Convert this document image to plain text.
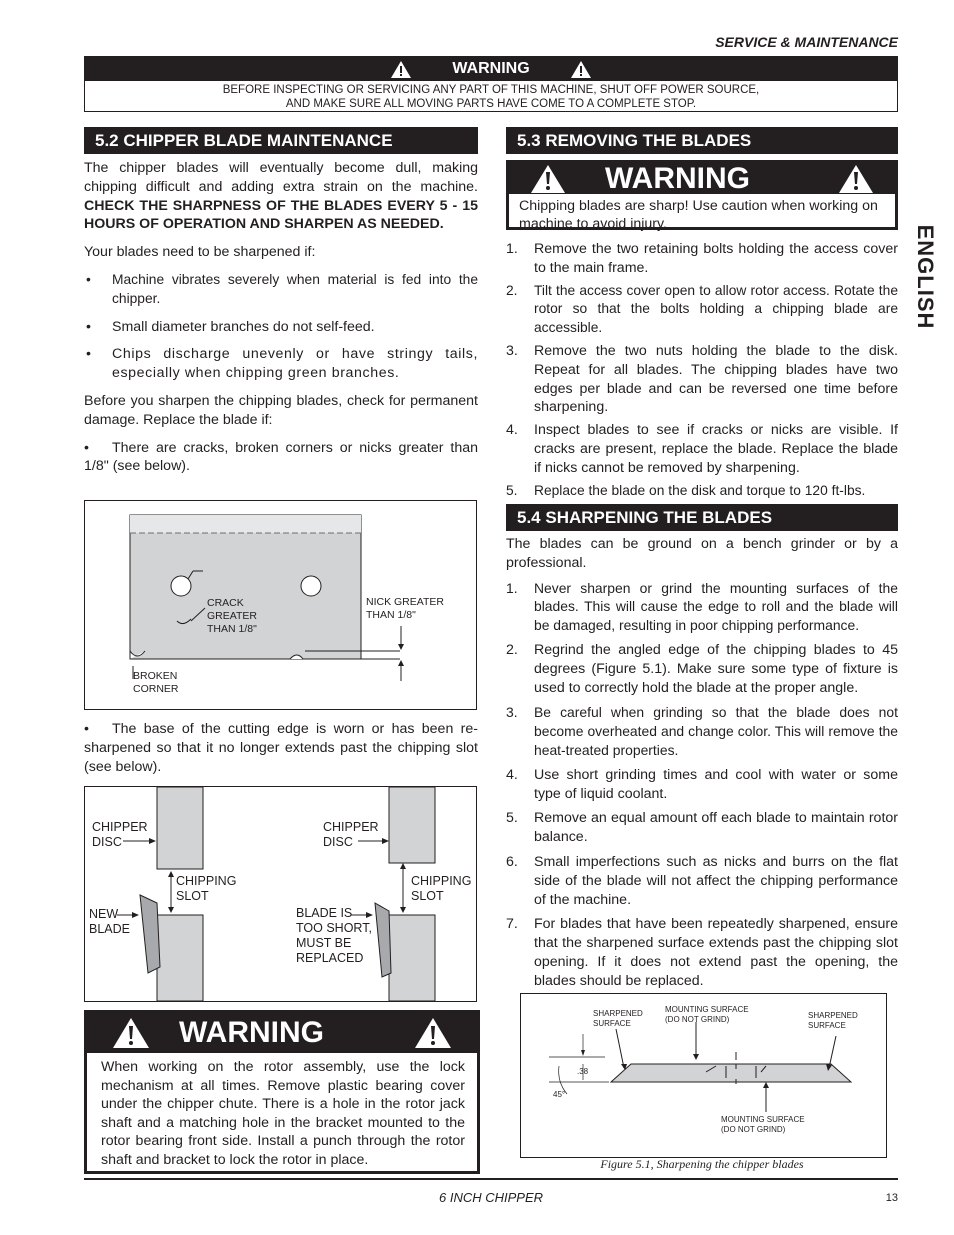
SERVICE & MAINTENANCE
WARNING
BEFORE INSPECTING OR SERVICING ANY PART OF THIS MACHINE, SHUT OFF POWER SOURCE,
AND MAKE SURE ALL MOVING PARTS HAVE COME TO A COMPLETE STOP.
ENGLISH
5.2 CHIPPER BLADE MAINTENANCE
The chipper blades will eventually become dull, making chipping difficult and adding extra strain on the machine. CHECK THE SHARPNESS OF THE BLADES EVERY 5 - 15 HOURS OF OPERATION AND SHARPEN AS NEEDED.
Your blades need to be sharpened if:
• Machine vibrates severely when material is fed into the chipper.
• Small diameter branches do not self-feed.
• Chips discharge unevenly or have stringy tails, especially when chipping green branches.
Before you sharpen the chipping blades, check for permanent damage. Replace the blade if:
• There are cracks, broken corners or nicks greater than 1/8" (see below).
CRACK
GREATER
THAN 1/8"
NICK GREATER
THAN 1/8"
BROKEN
CORNER
• The base of the cutting edge is worn or has been re-sharpened so that it no longer extends past the chipping slot (see below).
CHIPPER
DISC
CHIPPER
DISC
CHIPPING
SLOT
CHIPPING
SLOT
NEW
BLADE
BLADE IS
TOO SHORT,
MUST BE
REPLACED
WARNING
When working on the rotor assembly, use the lock mechanism at all times. Remove plastic bearing cover under the chipper chute. There is a hole in the rotor jack shaft and a matching hole in the bracket mounted to the rotor bearing front side. Install a punch through the rotor shaft and bracket to lock the rotor in place.
5.3 REMOVING THE BLADES
WARNING
Chipping blades are sharp! Use caution when working on machine to avoid injury.
1. Remove the two retaining bolts holding the access cover to the main frame.
2. Tilt the access cover open to allow rotor access. Rotate the rotor so that the bolts holding a chipping blade are accessible.
3. Remove the two nuts holding the blade to the disk. Repeat for all blades. The chipping blades have two edges per blade and can be reversed one time before sharpening.
4. Inspect blades to see if cracks or nicks are visible. If cracks are present, replace the blade. Replace the blade if nicks cannot be removed by sharpening.
5. Replace the blade on the disk and torque to 120 ft-lbs.
5.4 SHARPENING THE BLADES
The blades can be ground on a bench grinder or by a professional.
1. Never sharpen or grind the mounting surfaces of the blades. This will cause the edge to roll and the blade will be damaged, resulting in poor chipping performance.
2. Regrind the angled edge of the chipping blades to 45 degrees (Figure 5.1). Make sure some type of fixture is used to correctly hold the blade at the proper angle.
3. Be careful when grinding so that the blade does not become overheated and change color. This will remove the heat-treated properties.
4. Use short grinding times and cool with water or some type of liquid coolant.
5. Remove an equal amount off each blade to maintain rotor balance.
6. Small imperfections such as nicks and burrs on the flat side of the blade will not affect the chipping performance of the machine.
7. For blades that have been repeatedly sharpened, ensure that the sharpened surface extends past the chipping slot opening. If it does not extend past the opening, the blades should be replaced.
SHARPENED
SURFACE
MOUNTING SURFACE
(DO NOT GRIND)	SHARPENED
SURFACE
.38
45°
MOUNTING SURFACE
(DO NOT GRIND)
Figure 5.1, Sharpening the chipper blades
6 INCH CHIPPER	13
